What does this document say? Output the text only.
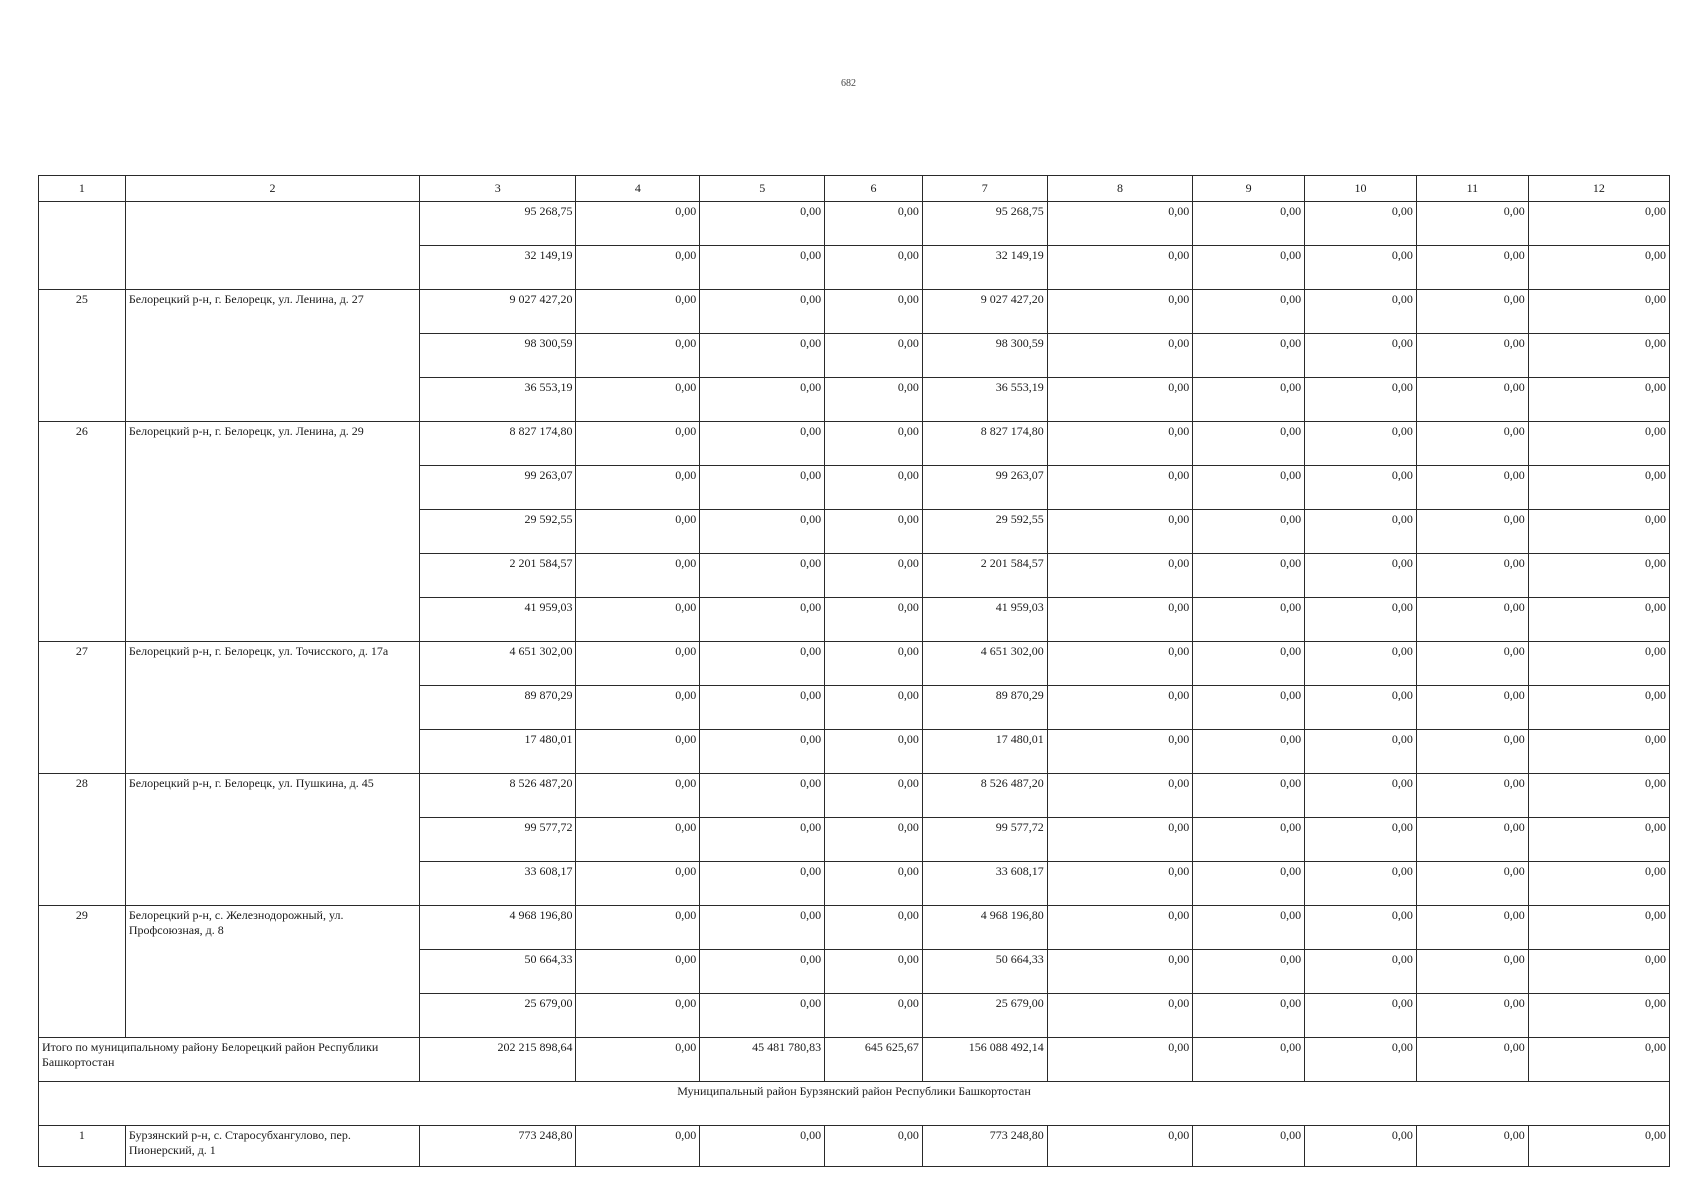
682
1	2	3	4	5	6	7	8	9	10	11	12
		95 268,75	0,00	0,00	0,00	95 268,75	0,00	0,00	0,00	0,00	0,00
		32 149,19	0,00	0,00	0,00	32 149,19	0,00	0,00	0,00	0,00	0,00
25	Белорецкий р-н, г. Белорецк, ул. Ленина, д. 27	9 027 427,20	0,00	0,00	0,00	9 027 427,20	0,00	0,00	0,00	0,00	0,00
		98 300,59	0,00	0,00	0,00	98 300,59	0,00	0,00	0,00	0,00	0,00
		36 553,19	0,00	0,00	0,00	36 553,19	0,00	0,00	0,00	0,00	0,00
26	Белорецкий р-н, г. Белорецк, ул. Ленина, д. 29	8 827 174,80	0,00	0,00	0,00	8 827 174,80	0,00	0,00	0,00	0,00	0,00
		99 263,07	0,00	0,00	0,00	99 263,07	0,00	0,00	0,00	0,00	0,00
		29 592,55	0,00	0,00	0,00	29 592,55	0,00	0,00	0,00	0,00	0,00
		2 201 584,57	0,00	0,00	0,00	2 201 584,57	0,00	0,00	0,00	0,00	0,00
		41 959,03	0,00	0,00	0,00	41 959,03	0,00	0,00	0,00	0,00	0,00
27	Белорецкий р-н, г. Белорецк, ул. Точисского, д. 17а	4 651 302,00	0,00	0,00	0,00	4 651 302,00	0,00	0,00	0,00	0,00	0,00
		89 870,29	0,00	0,00	0,00	89 870,29	0,00	0,00	0,00	0,00	0,00
		17 480,01	0,00	0,00	0,00	17 480,01	0,00	0,00	0,00	0,00	0,00
28	Белорецкий р-н, г. Белорецк, ул. Пушкина, д. 45	8 526 487,20	0,00	0,00	0,00	8 526 487,20	0,00	0,00	0,00	0,00	0,00
		99 577,72	0,00	0,00	0,00	99 577,72	0,00	0,00	0,00	0,00	0,00
		33 608,17	0,00	0,00	0,00	33 608,17	0,00	0,00	0,00	0,00	0,00
29	Белорецкий р-н, с. Железнодорожный, ул. Профсоюзная, д. 8	4 968 196,80	0,00	0,00	0,00	4 968 196,80	0,00	0,00	0,00	0,00	0,00
		50 664,33	0,00	0,00	0,00	50 664,33	0,00	0,00	0,00	0,00	0,00
		25 679,00	0,00	0,00	0,00	25 679,00	0,00	0,00	0,00	0,00	0,00
Итого по муниципальному району Белорецкий район Республики Башкортостан		202 215 898,64	0,00	45 481 780,83	645 625,67	156 088 492,14	0,00	0,00	0,00	0,00	0,00
Муниципальный район Бурзянский район Республики Башкортостан											
1	Бурзянский р-н, с. Старосубхангулово, пер. Пионерский, д. 1	773 248,80	0,00	0,00	0,00	773 248,80	0,00	0,00	0,00	0,00	0,00
